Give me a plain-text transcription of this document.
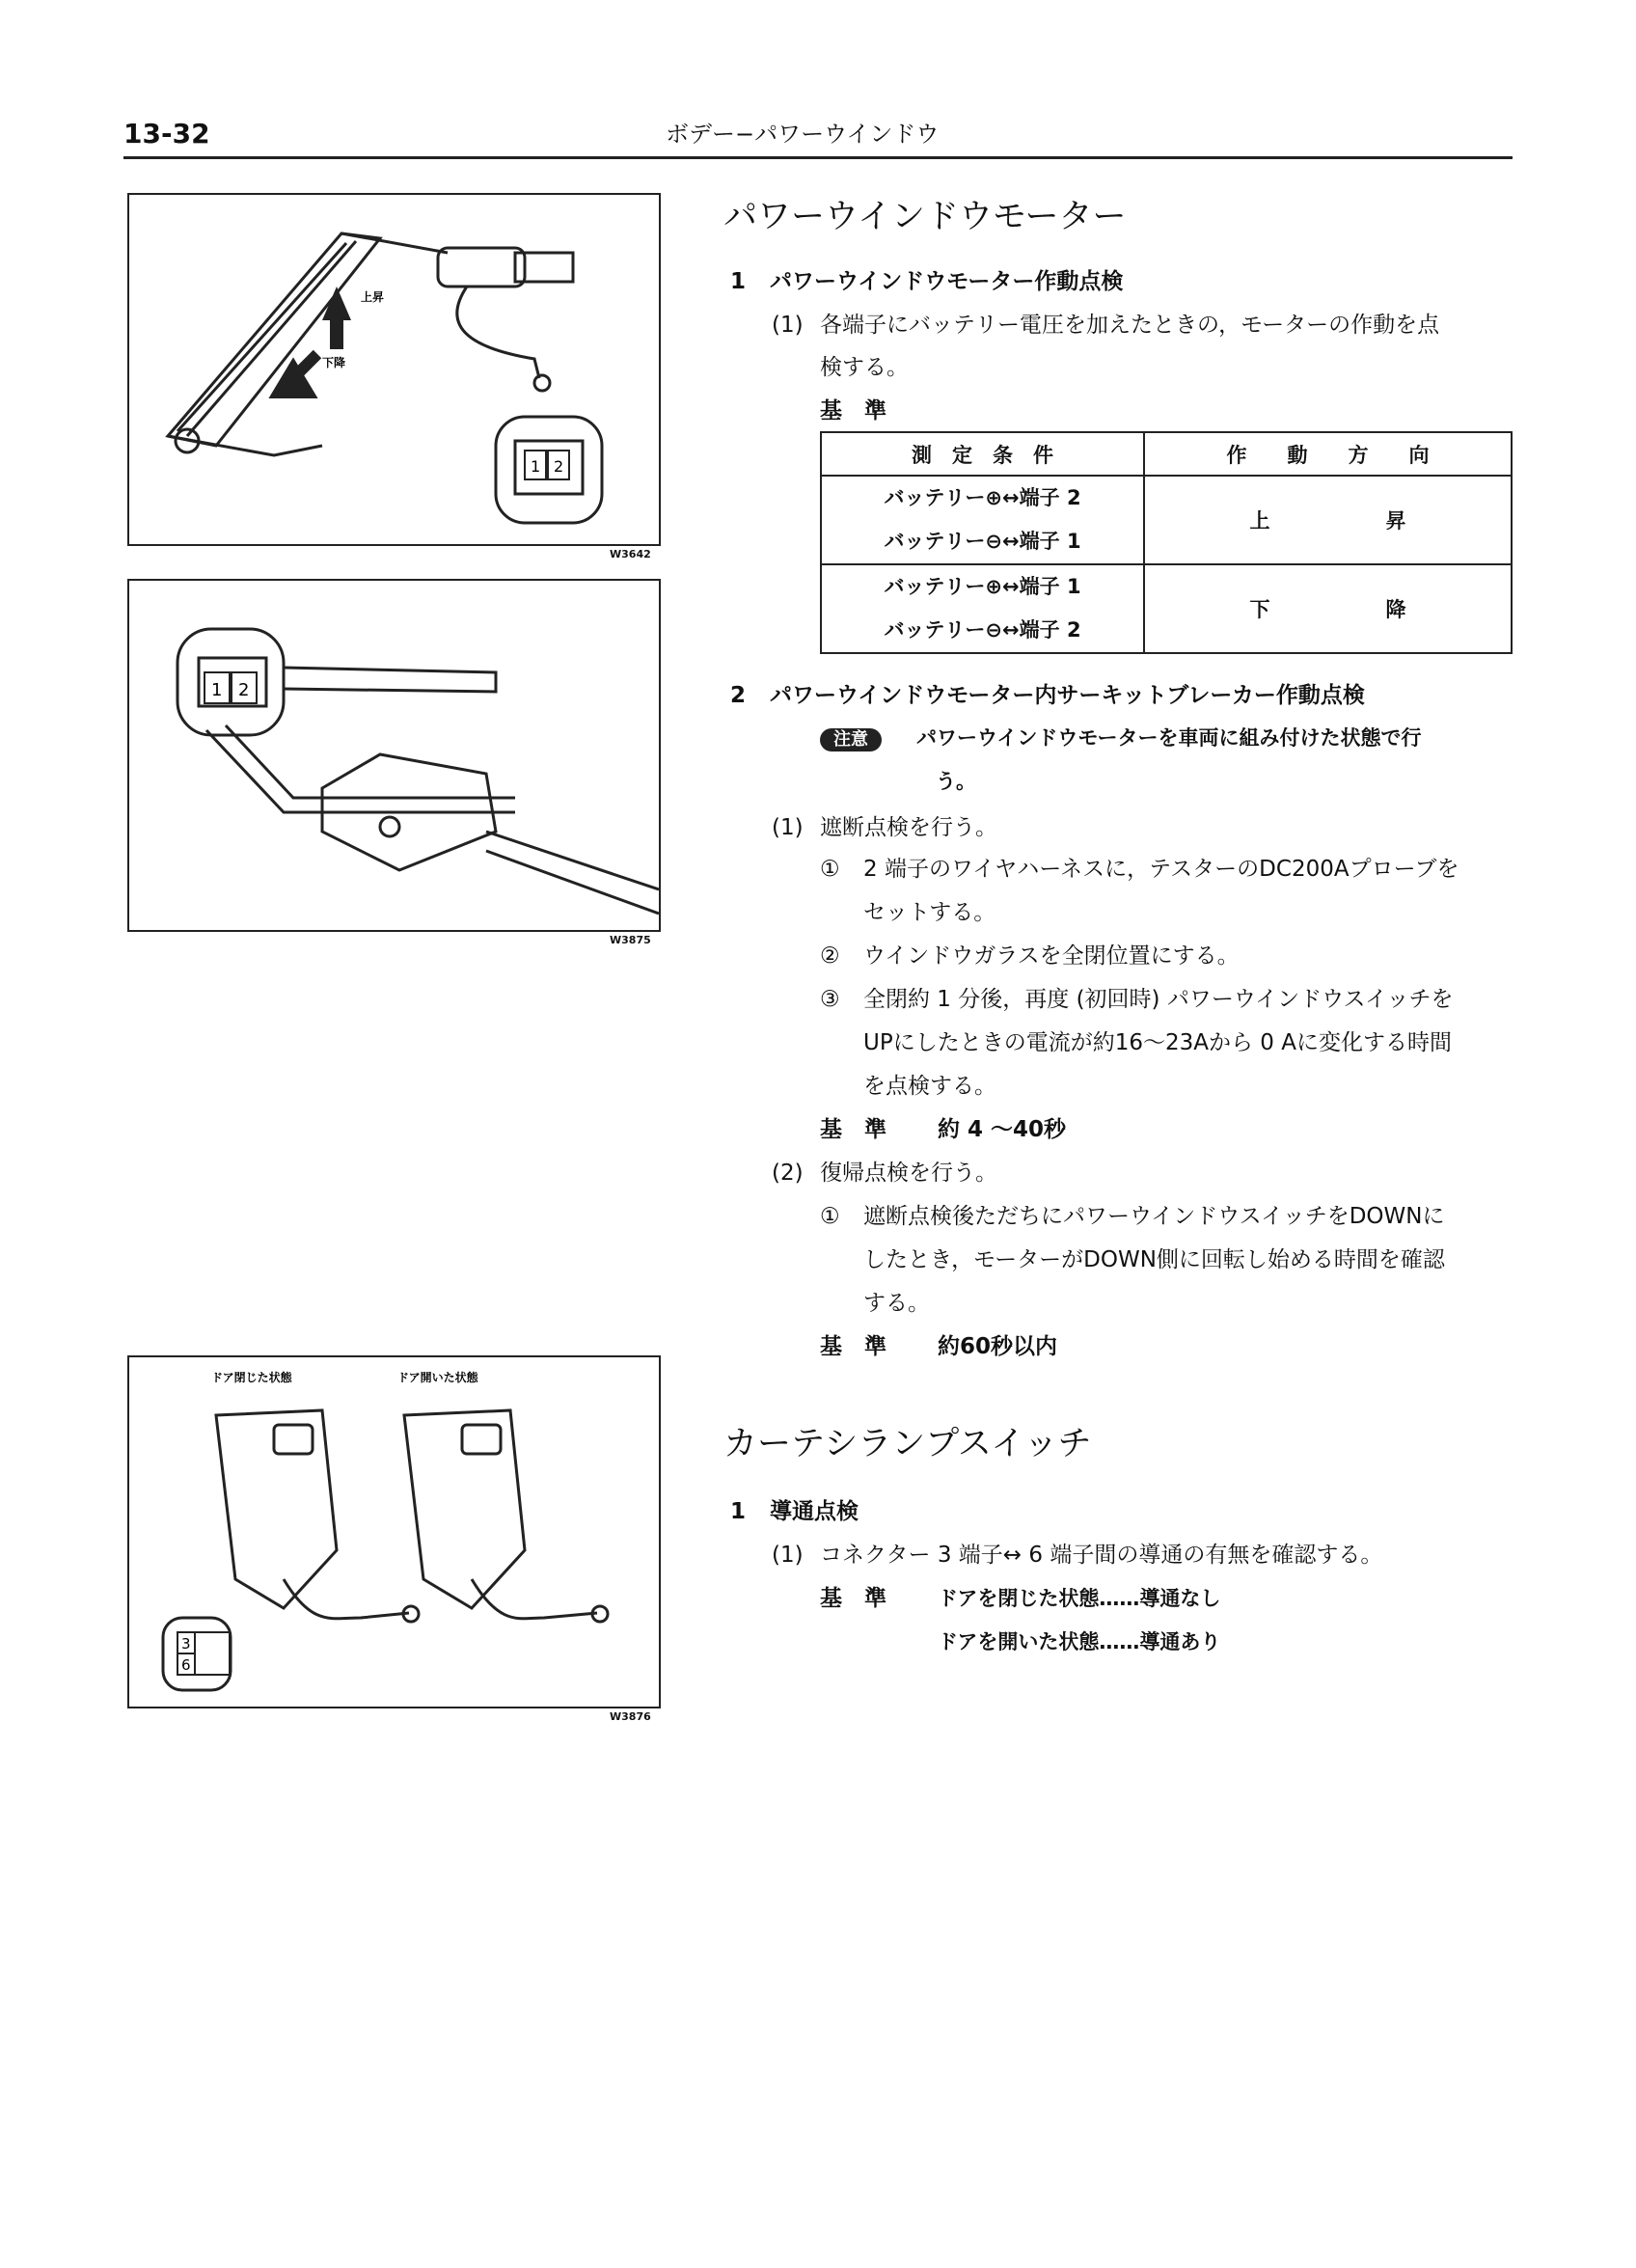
13-32	ボデー−パワーウインドウ
上昇
下降
1 2
W3642
1 2
W3875
ドア閉じた状態	ドア開いた状態
3
6
W3876
パワーウインドウモーター
1 パワーウインドウモーター作動点検
(1) 各端子にバッテリー電圧を加えたときの，モーターの作動を点
検する。
基　準
測　定　条　件	作　　動　　方　　向

バッテリー⊕↔端子 2
バッテリー⊖↔端子 1	上 昇

バッテリー⊕↔端子 1
バッテリー⊖↔端子 2	下 降
2 パワーウインドウモーター内サーキットブレーカー作動点検
注意 パワーウインドウモーターを車両に組み付けた状態で行
う。
(1) 遮断点検を行う。
① 2 端子のワイヤハーネスに，テスターのDC200Aプローブを
セットする。
② ウインドウガラスを全閉位置にする。
③ 全閉約 1 分後，再度 (初回時) パワーウインドウスイッチを
UPにしたときの電流が約16〜23Aから 0 Aに変化する時間
を点検する。
基　準 約 4 〜40秒
(2) 復帰点検を行う。
① 遮断点検後ただちにパワーウインドウスイッチをDOWNに
したとき，モーターがDOWN側に回転し始める時間を確認
する。
基　準 約60秒以内
カーテシランプスイッチ
1 導通点検
(1) コネクター 3 端子↔ 6 端子間の導通の有無を確認する。
基　準	ドアを閉じた状態……導通なし
ドアを開いた状態……導通あり
